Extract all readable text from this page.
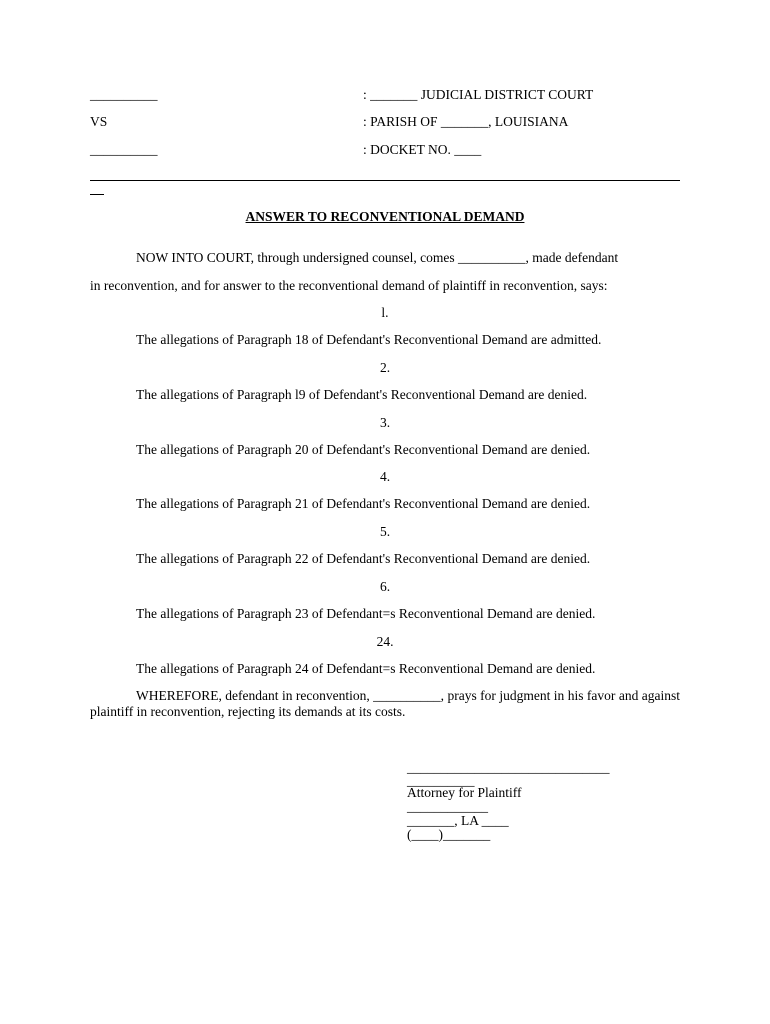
__________	: _______ JUDICIAL DISTRICT COURT
VS	: PARISH OF _______, LOUISIANA
__________	: DOCKET NO. ____
ANSWER TO RECONVENTIONAL DEMAND
NOW INTO COURT, through undersigned counsel, comes __________, made defendant
in reconvention, and for answer to the reconventional demand of plaintiff in reconvention, says:
l.
The allegations of Paragraph 18 of Defendant's Reconventional Demand are admitted.
2.
The allegations of Paragraph l9 of Defendant's Reconventional Demand are denied.
3.
The allegations of Paragraph 20 of Defendant's Reconventional Demand are denied.
4.
The allegations of Paragraph 21 of Defendant's Reconventional Demand are denied.
5.
The allegations of Paragraph 22 of Defendant's Reconventional Demand are denied.
6.
The allegations of Paragraph 23 of Defendant=s Reconventional Demand are denied.
24.
The allegations of Paragraph 24 of Defendant=s Reconventional Demand are denied.
WHEREFORE, defendant in reconvention, __________, prays for judgment in his favor and against plaintiff in reconvention, rejecting its demands at its costs.
______________________________
__________
Attorney for Plaintiff
____________
_______, LA ____
(____)_______
